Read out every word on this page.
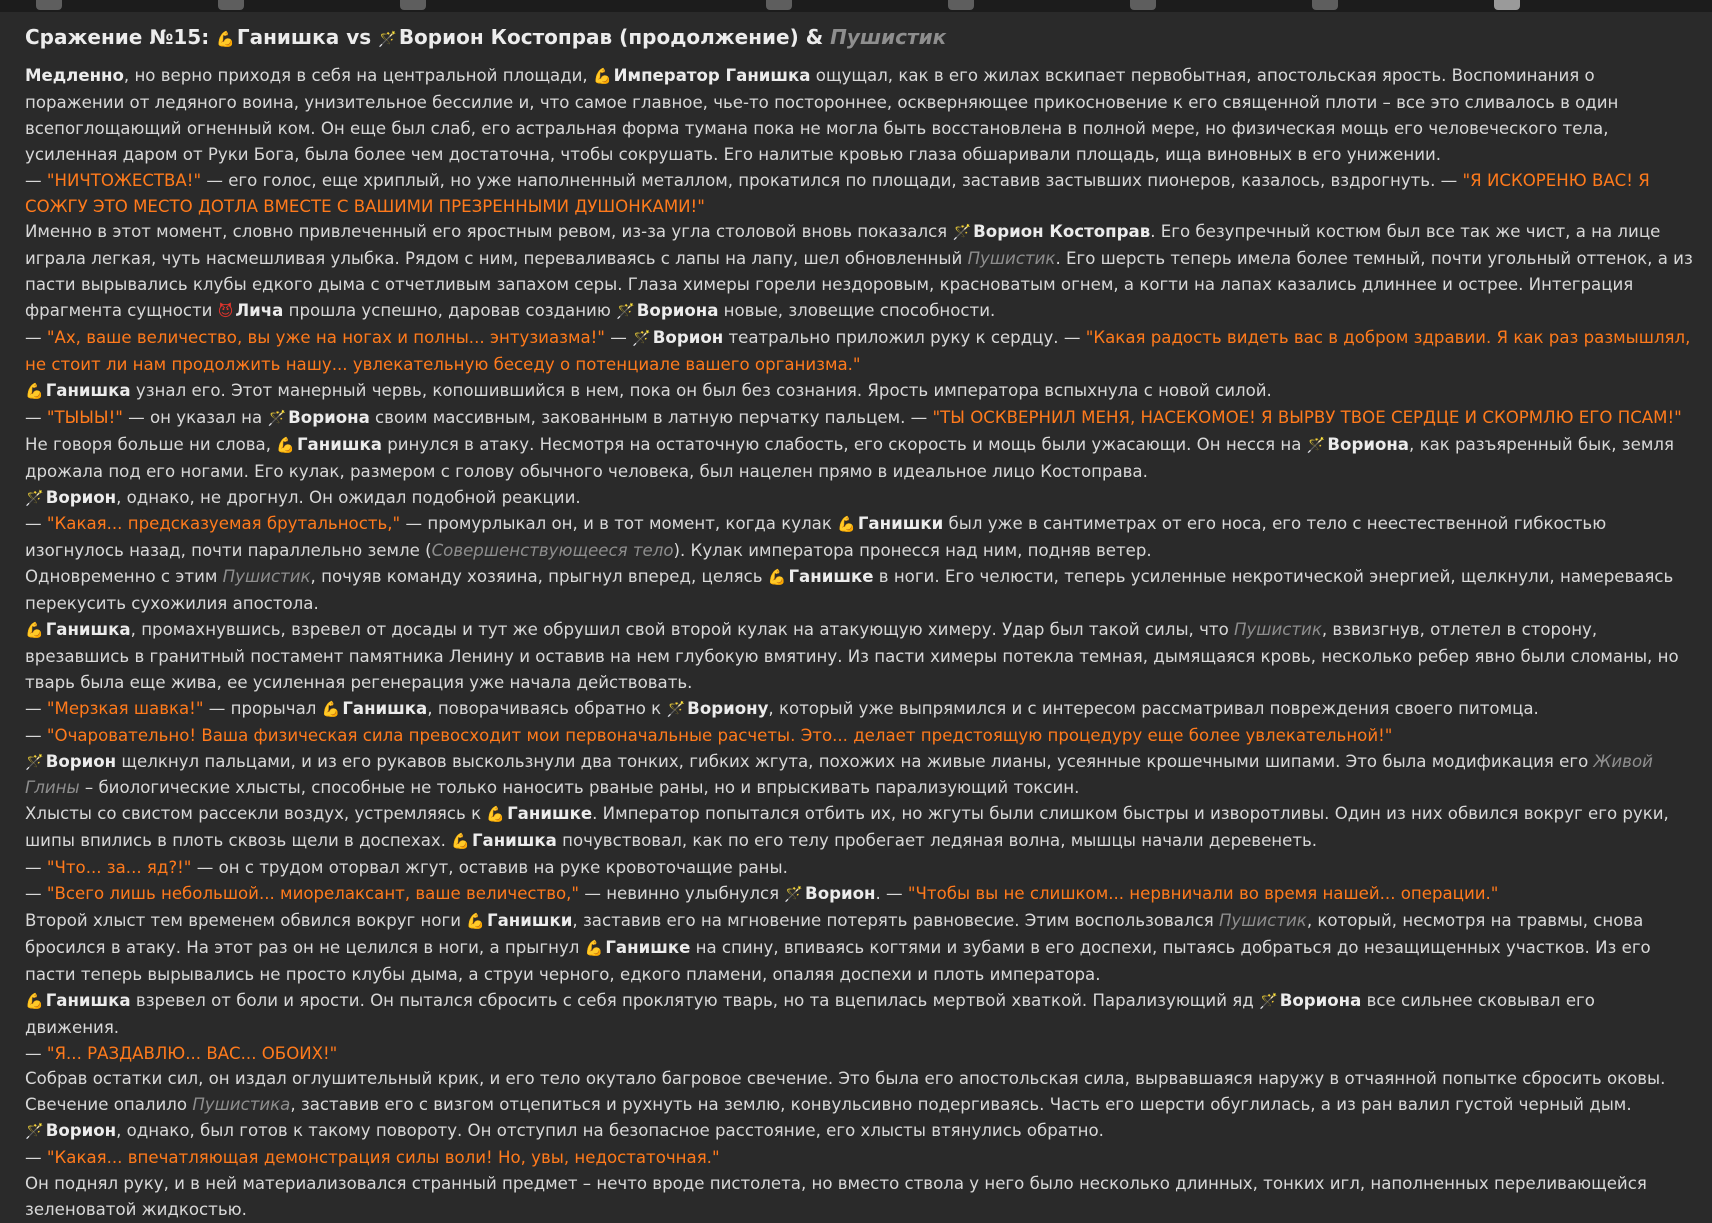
Сражение №15: 💪 Ганишка vs 🪄 Ворион Костоправ (продолжение) & Пушистик

Медленно, но верно приходя в себя на центральной площади, 💪 Император Ганишка ощущал, как в его жилах вскипает первобытная, апостольская ярость. Воспоминания о поражении от ледяного воина, унизительное бессилие и, что самое главное, чье-то постороннее, оскверняющее прикосновение к его священной плоти – все это сливалось в один всепоглощающий огненный ком. Он еще был слаб, его астральная форма тумана пока не могла быть восстановлена в полной мере, но физическая мощь его человеческого тела, усиленная даром от Руки Бога, была более чем достаточна, чтобы сокрушать. Его налитые кровью глаза обшаривали площадь, ища виновных в его унижении.

— "НИЧТОЖЕСТВА!" — его голос, еще хриплый, но уже наполненный металлом, прокатился по площади, заставив застывших пионеров, казалось, вздрогнуть. — "Я ИСКОРЕНЮ ВАС! Я СОЖГУ ЭТО МЕСТО ДОТЛА ВМЕСТЕ С ВАШИМИ ПРЕЗРЕННЫМИ ДУШОНКАМИ!"

Именно в этот момент, словно привлеченный его яростным ревом, из-за угла столовой вновь показался 🪄 Ворион Костоправ. Его безупречный костюм был все так же чист, а на лице играла легкая, чуть насмешливая улыбка. Рядом с ним, переваливаясь с лапы на лапу, шел обновленный Пушистик. Его шерсть теперь имела более темный, почти угольный оттенок, а из пасти вырывались клубы едкого дыма с отчетливым запахом серы. Глаза химеры горели нездоровым, красноватым огнем, а когти на лапах казались длиннее и острее. Интеграция фрагмента сущности 😈 Лича прошла успешно, даровав созданию 🪄 Вориона новые, зловещие способности.

— "Ах, ваше величество, вы уже на ногах и полны... энтузиазма!" — 🪄 Ворион театрально приложил руку к сердцу. — "Какая радость видеть вас в добром здравии. Я как раз размышлял, не стоит ли нам продолжить нашу... увлекательную беседу о потенциале вашего организма."

💪 Ганишка узнал его. Этот манерный червь, копошившийся в нем, пока он был без сознания. Ярость императора вспыхнула с новой силой.

— "ТЫЫЫ!" — он указал на 🪄 Вориона своим массивным, закованным в латную перчатку пальцем. — "ТЫ ОСКВЕРНИЛ МЕНЯ, НАСЕКОМОЕ! Я ВЫРВУ ТВОЕ СЕРДЦЕ И СКОРМЛЮ ЕГО ПСАМ!"

Не говоря больше ни слова, 💪 Ганишка ринулся в атаку. Несмотря на остаточную слабость, его скорость и мощь были ужасающи. Он несся на 🪄 Вориона, как разъяренный бык, земля дрожала под его ногами. Его кулак, размером с голову обычного человека, был нацелен прямо в идеальное лицо Костоправа.

🪄 Ворион, однако, не дрогнул. Он ожидал подобной реакции.

— "Какая... предсказуемая брутальность," — промурлыкал он, и в тот момент, когда кулак 💪 Ганишки был уже в сантиметрах от его носа, его тело с неестественной гибкостью изогнулось назад, почти параллельно земле (Совершенствующееся тело). Кулак императора пронесся над ним, подняв ветер.

Одновременно с этим Пушистик, почуяв команду хозяина, прыгнул вперед, целясь 💪 Ганишке в ноги. Его челюсти, теперь усиленные некротической энергией, щелкнули, намереваясь перекусить сухожилия апостола.

💪 Ганишка, промахнувшись, взревел от досады и тут же обрушил свой второй кулак на атакующую химеру. Удар был такой силы, что Пушистик, взвизгнув, отлетел в сторону, врезавшись в гранитный постамент памятника Ленину и оставив на нем глубокую вмятину. Из пасти химеры потекла темная, дымящаяся кровь, несколько ребер явно были сломаны, но тварь была еще жива, ее усиленная регенерация уже начала действовать.

— "Мерзкая шавка!" — прорычал 💪 Ганишка, поворачиваясь обратно к 🪄 Вориону, который уже выпрямился и с интересом рассматривал повреждения своего питомца.

— "Очаровательно! Ваша физическая сила превосходит мои первоначальные расчеты. Это... делает предстоящую процедуру еще более увлекательной!"

🪄 Ворион щелкнул пальцами, и из его рукавов выскользнули два тонких, гибких жгута, похожих на живые лианы, усеянные крошечными шипами. Это была модификация его Живой Глины – биологические хлысты, способные не только наносить рваные раны, но и впрыскивать парализующий токсин.

Хлысты со свистом рассекли воздух, устремляясь к 💪 Ганишке. Император попытался отбить их, но жгуты были слишком быстры и изворотливы. Один из них обвился вокруг его руки, шипы впились в плоть сквозь щели в доспехах. 💪 Ганишка почувствовал, как по его телу пробегает ледяная волна, мышцы начали деревенеть.

— "Что... за... яд?!" — он с трудом оторвал жгут, оставив на руке кровоточащие раны.

— "Всего лишь небольшой... миорелаксант, ваше величество," — невинно улыбнулся 🪄 Ворион. — "Чтобы вы не слишком... нервничали во время нашей... операции."

Второй хлыст тем временем обвился вокруг ноги 💪 Ганишки, заставив его на мгновение потерять равновесие. Этим воспользовался Пушистик, который, несмотря на травмы, снова бросился в атаку. На этот раз он не целился в ноги, а прыгнул 💪 Ганишке на спину, впиваясь когтями и зубами в его доспехи, пытаясь добраться до незащищенных участков. Из его пасти теперь вырывались не просто клубы дыма, а струи черного, едкого пламени, опаляя доспехи и плоть императора.

💪 Ганишка взревел от боли и ярости. Он пытался сбросить с себя проклятую тварь, но та вцепилась мертвой хваткой. Парализующий яд 🪄 Вориона все сильнее сковывал его движения.

— "Я... РАЗДАВЛЮ... ВАС... ОБОИХ!"

Собрав остатки сил, он издал оглушительный крик, и его тело окутало багровое свечение. Это была его апостольская сила, вырвавшаяся наружу в отчаянной попытке сбросить оковы. Свечение опалило Пушистика, заставив его с визгом отцепиться и рухнуть на землю, конвульсивно подергиваясь. Часть его шерсти обуглилась, а из ран валил густой черный дым.

🪄 Ворион, однако, был готов к такому повороту. Он отступил на безопасное расстояние, его хлысты втянулись обратно.

— "Какая... впечатляющая демонстрация силы воли! Но, увы, недостаточная."

Он поднял руку, и в ней материализовался странный предмет – нечто вроде пистолета, но вместо ствола у него было несколько длинных, тонких игл, наполненных переливающейся зеленоватой жидкостью.
